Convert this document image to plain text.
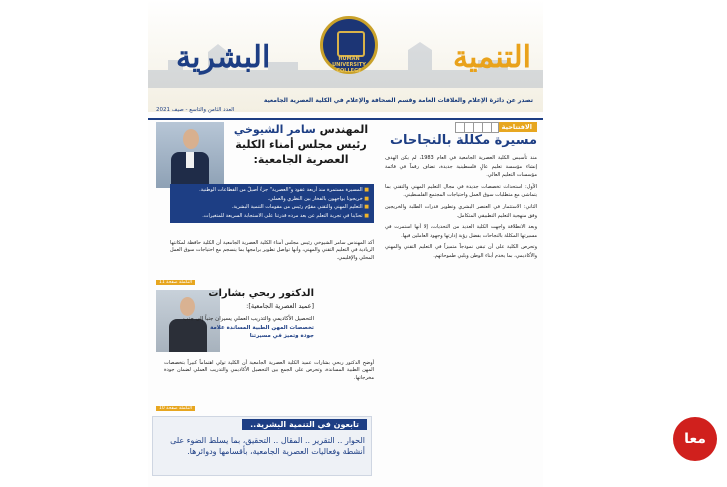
التنمية
HUMAN UNIVERSITY COLLEGE
البشرية
تصدر عن دائرة الإعلام والعلاقات العامة وقسم الصحافة والإعلام في الكلية العصرية الجامعية
العدد الثامن والتاسع - صيف 2021
الافتتاحية
مسيرة مكللة بالنجاحات

منذ تأسيس الكلية العصرية الجامعية في العام 1983، لم يكن الهدف إنشاء مؤسسة تعليم عالٍ فلسطينية جديدة، تضاف رقماً في قائمة مؤسسات التعليم العالي.

الأول: استحداث تخصصات جديدة في مجال التعليم المهني والتقني بما يتماشى مع متطلبات سوق العمل واحتياجات المجتمع الفلسطيني.

الثاني: الاستثمار في العنصر البشري وتطوير قدرات الطلبة والخريجين وفق منهجية التعليم التطبيقي المتكامل.

وبعد الانطلاقة واجهت الكلية العديد من التحديات، إلا أنها استمرت في مسيرتها المكللة بالنجاحات بفضل رؤية إدارتها وجهود العاملين فيها.

وتحرص الكلية على أن تبقى نموذجاً متميزاً في التعليم التقني والمهني والأكاديمي، بما يخدم أبناء الوطن ويلبي طموحاتهم.

المهندس سامر الشيوخي رئيس مجلس أمناء الكلية العصرية الجامعية:
■ المسيرة مستمرة منذ أربعة عقود و"العصرية" جزءٌ أصيلٌ من القطاعات الوطنية.
■ خريجونا يواجهون بالفخار بين النظري والعملي.
■ التعليم المهني والتقني مقوّم رئيس من مقومات التنمية البشرية.
■ تحدّينا في تجربة التعلم عن بعد مرده قدرتنا على الاستجابة السريعة للمتغيرات.
أكد المهندس سامر الشيوخي رئيس مجلس أمناء الكلية العصرية الجامعية أن الكلية حافظة لمكانتها الريادية في التعليم التقني والمهني، وأنها تواصل تطوير برامجها بما ينسجم مع احتياجات سوق العمل المحلي والإقليمي.
التكملة صفحة 11
الدكتور ربحي بشارات
[عميد العصرية الجامعية]:
التحصيل الأكاديمي والتدريب العملي يسيران جنباً إلى جنب
تخصصات المهن الطبية المساندة علامة
جودة وتميز في مسيرتنا
أوضح الدكتور ربحي بشارات عميد الكلية العصرية الجامعية أن الكلية تولي اهتماماً كبيراً بتخصصات المهن الطبية المساندة، وتحرص على الجمع بين التحصيل الأكاديمي والتدريب العملي لضمان جودة مخرجاتها.
التكملة صفحة 10
تابعون في التنمية البشرية..
الحوار .. التقرير .. المقال .. التحقيق، بما يسلط الضوء على أنشطة وفعاليات العصرية الجامعية، بأقسامها ودوائرها.
معا
